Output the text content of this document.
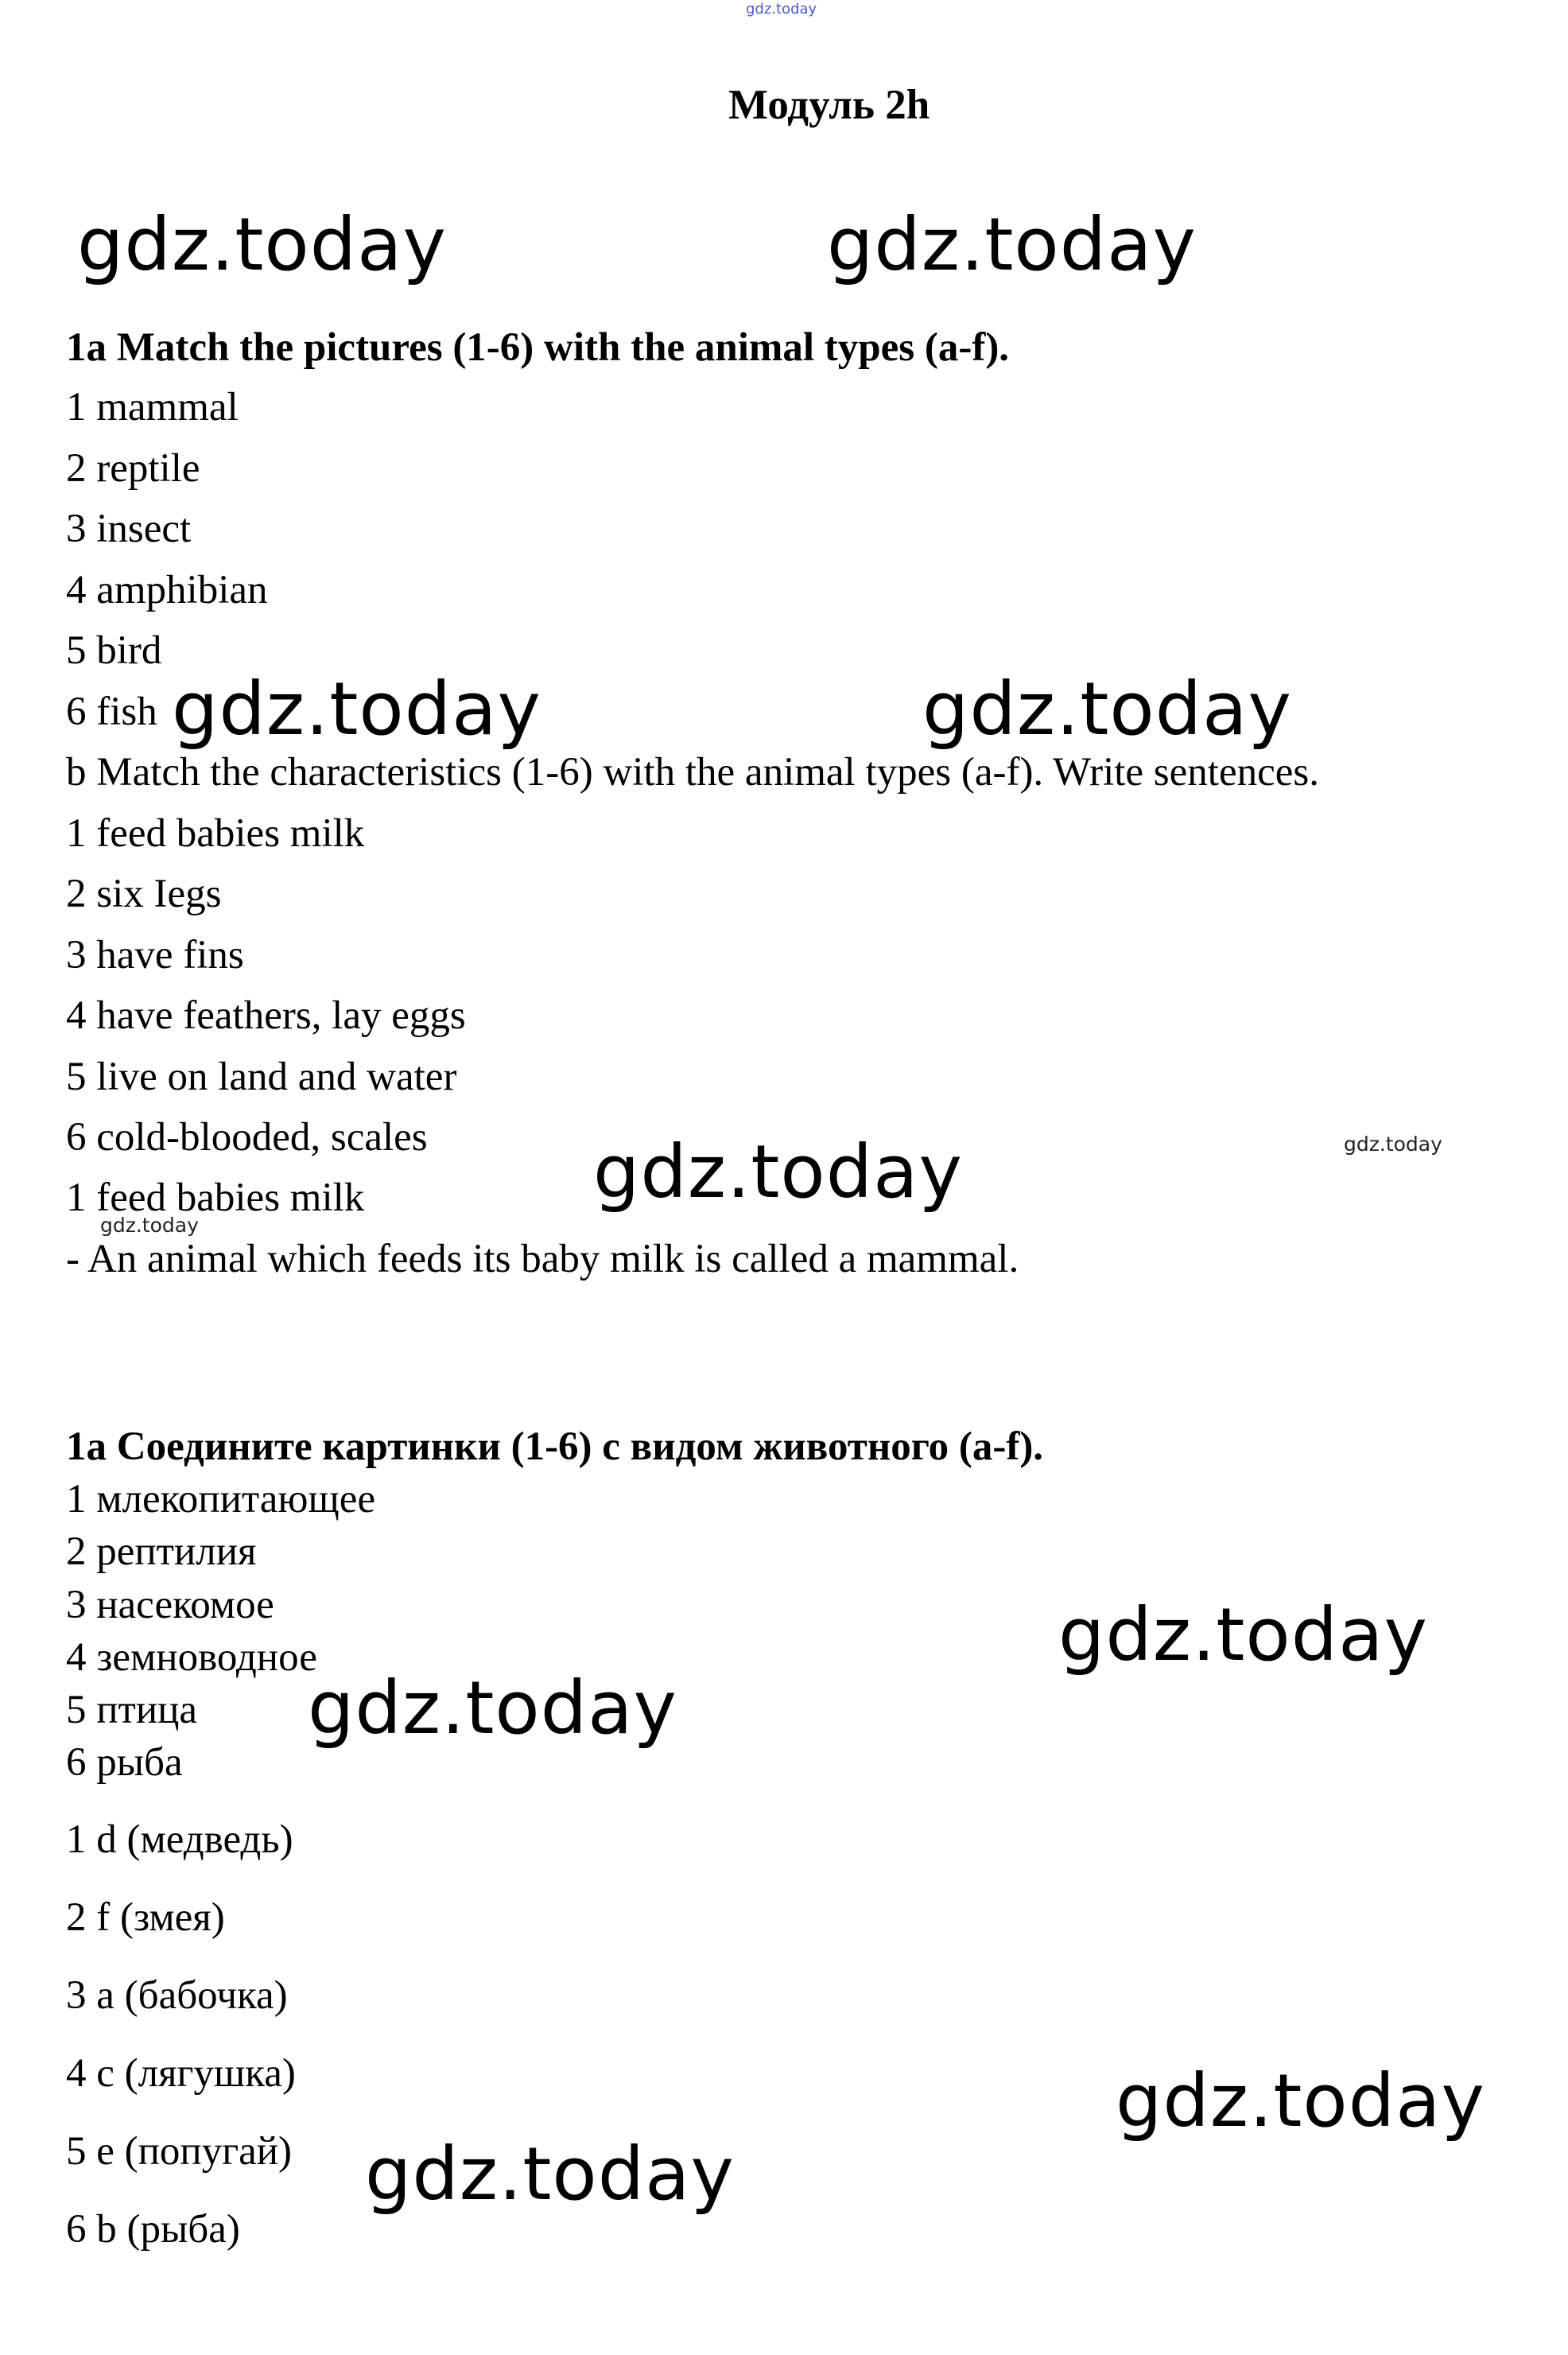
gdz.today
Модуль 2h
gdz.today	gdz.today
1a Match the pictures (1-6) with the animal types (a-f).
1 mammal
2 reptile
3 insect
4 amphibian
5 bird
6 fish gdz.today	gdz.today
b Match the characteristics (1-6) with the animal types (a-f). Write sentences.
1 feed babies milk
2 six Iegs
3 have fins
4 have feathers, lay eggs
5 live on land and water
6 cold-blooded, scales gdz.today	gdz.today
1 feed babies milk
gdz.today
- An animal which feeds its baby milk is called a mammal.
1a Соедините картинки (1-6) с видом животного (a-f).
1 млекопитающее
2 рептилия
3 насекомое
4 земноводное
5 птица
6 рыба
gdz.today
gdz.today
1 d (медведь)
2 f (змея)
3 a (бабочка)
4 c (лягушка)
5 e (попугай)
6 b (рыба)
gdz.today
gdz.today
